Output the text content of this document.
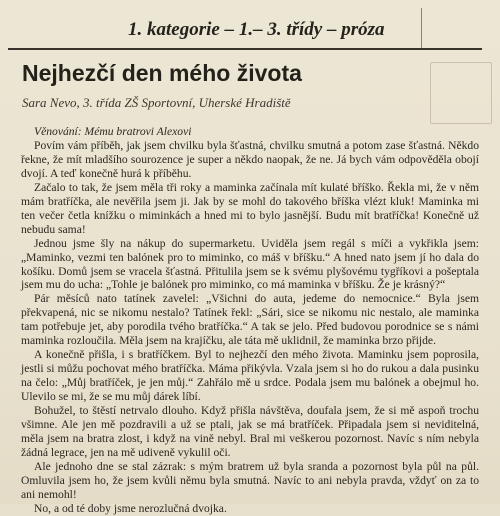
1. kategorie – 1.– 3. třídy – próza
Nejhezčí den mého života
Sara Nevo, 3. třída ZŠ Sportovní, Uherské Hradiště
Věnování: Mému bratrovi Alexovi

Povím vám příběh, jak jsem chvilku byla šťastná, chvilku smutná a potom zase šťastná. Někdo řekne, že mít mladšího sourozence je super a někdo naopak, že ne. Já bych vám odpověděla obojí dvojí. A teď konečně hurá k příběhu.

Začalo to tak, že jsem měla tři roky a maminka začínala mít kulaté bříško. Řekla mi, že v něm mám bratříčka, ale nevěřila jsem ji. Jak by se mohl do takového bříška vlézt kluk! Maminka mi ten večer četla knížku o miminkách a hned mi to bylo jasnější. Budu mít bratříčka! Konečně už nebudu sama!

Jednou jsme šly na nákup do supermarketu. Uviděla jsem regál s míči a vykřikla jsem: „Maminko, vezmi ten balónek pro to miminko, co máš v bříšku.“ A hned nato jsem jí ho dala do košíku. Domů jsem se vracela šťastná. Přitulila jsem se k svému plyšovému tygříkovi a pošeptala jsem mu do ucha: „Tohle je balónek pro miminko, co má maminka v bříšku. Že je krásný?“

Pár měsíců nato tatínek zavelel: „Všichni do auta, jedeme do nemocnice.“ Byla jsem překvapená, nic se nikomu nestalo? Tatínek řekl: „Sári, sice se nikomu nic nestalo, ale maminka tam potřebuje jet, aby porodila tvého bratříčka.“ A tak se jelo. Před budovou porodnice se s námi maminka rozloučila. Měla jsem na krajíčku, ale táta mě uklidnil, že maminka brzo přijde.

A konečně přišla, i s bratříčkem. Byl to nejhezčí den mého života. Maminku jsem poprosila, jestli si můžu pochovat mého bratříčka. Máma přikývla. Vzala jsem si ho do rukou a dala pusinku na čelo: „Můj bratříček, je jen můj.“ Zahřálo mě u srdce. Podala jsem mu balónek a obejmul ho. Ulevilo se mi, že se mu můj dárek líbí.

Bohužel, to štěstí netrvalo dlouho. Když přišla návštěva, doufala jsem, že si mě aspoň trochu všimne. Ale jen mě pozdravili a už se ptali, jak se má bratříček. Připadala jsem si neviditelná, měla jsem na bratra zlost, i když na vině nebyl. Bral mi veškerou pozornost. Navíc s ním nebyla žádná legrace, jen na mě udiveně vykulil oči.

Ale jednoho dne se stal zázrak: s mým bratrem už byla sranda a pozornost byla půl na půl. Omluvila jsem ho, že jsem kvůli němu byla smutná. Navíc to ani nebyla pravda, vždyť on za to ani nemohl!

No, a od té doby jsme nerozlučná dvojka.
